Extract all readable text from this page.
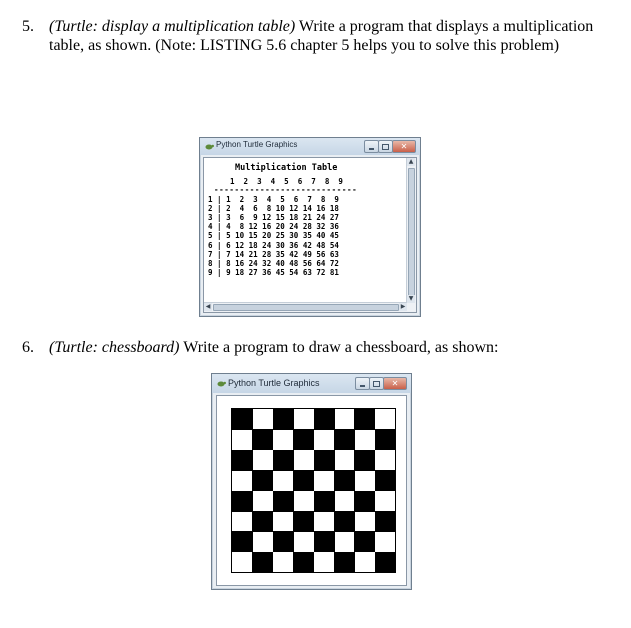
5. (Turtle: display a multiplication table) Write a program that displays a multiplication table, as shown. (Note: LISTING 5.6 chapter 5 helps you to solve this problem)
Python Turtle Graphics	✕
Multiplication Table
1  2  3  4  5  6  7  8  9
----------------------------
1 | 1  2  3  4  5  6  7  8  9
2 | 2  4  6  8 10 12 14 16 18
3 | 3  6  9 12 15 18 21 24 27
4 | 4  8 12 16 20 24 28 32 36
5 | 5 10 15 20 25 30 35 40 45
6 | 6 12 18 24 30 36 42 48 54
7 | 7 14 21 28 35 42 49 56 63
8 | 8 16 24 32 40 48 56 64 72
9 | 9 18 27 36 45 54 63 72 81
▲
▼
◀	▶
6. (Turtle: chessboard) Write a program to draw a chessboard, as shown:
Python Turtle Graphics	✕
